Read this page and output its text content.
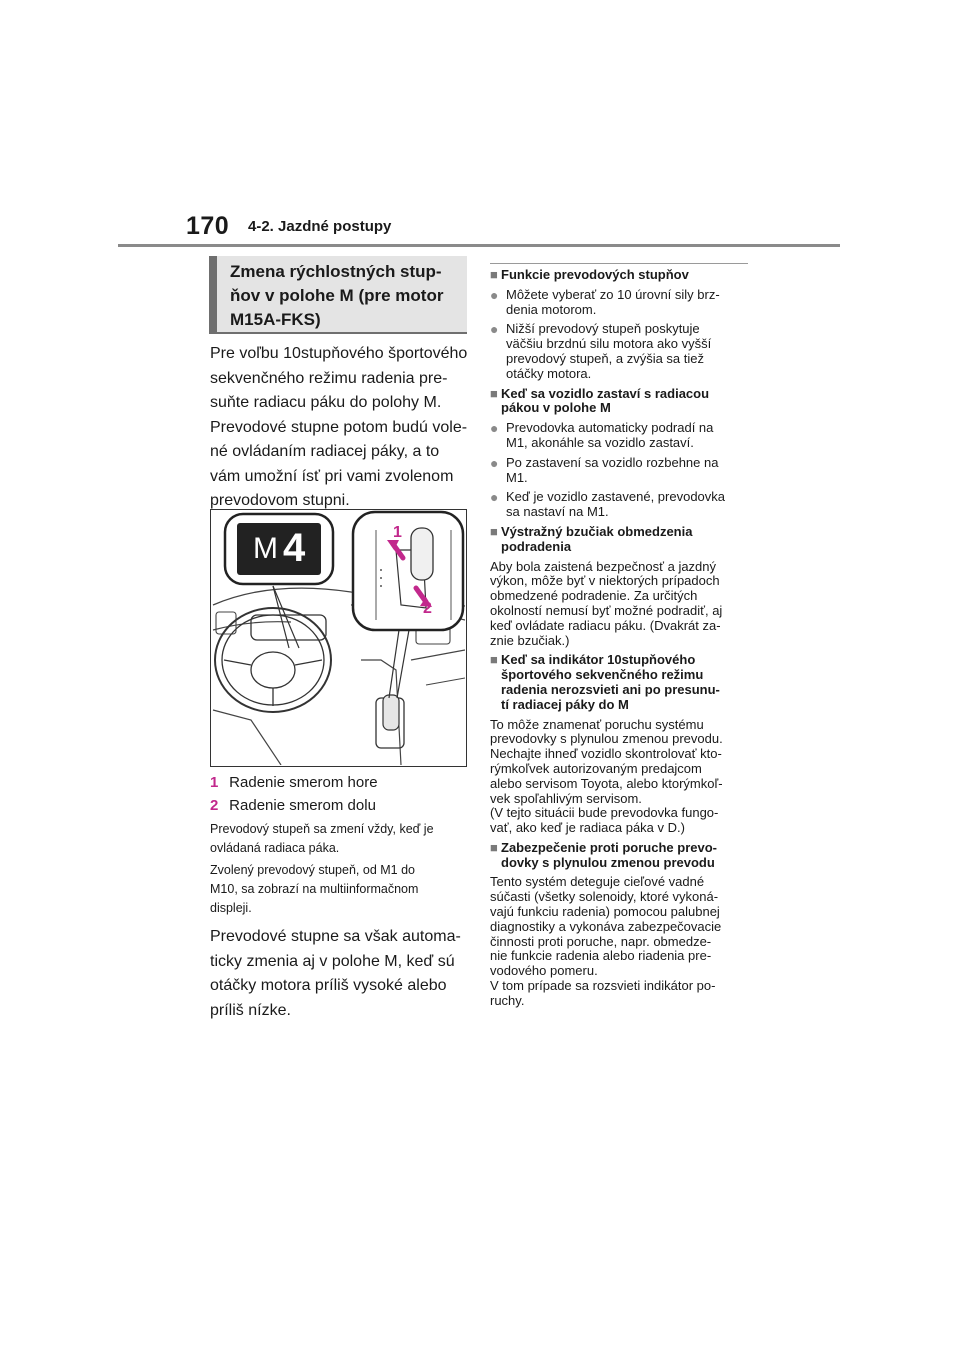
170 4-2. Jazdné postupy
Zmena rýchlostných stup-
ňov v polohe M (pre motor
M15A-FKS)
Pre voľbu 10stupňového športového
sekvenčného režimu radenia pre-
suňte radiacu páku do polohy M.
Prevodové stupne potom budú vole-
né ovládaním radiacej páky, a to
vám umožní ísť pri vami zvolenom
prevodovom stupni.
M 4	1
2
1 Radenie smerom hore
2 Radenie smerom dolu
Prevodový stupeň sa zmení vždy, keď je
ovládaná radiaca páka.
Zvolený prevodový stupeň, od M1 do
M10, sa zobrazí na multiinformačnom
displeji.
Prevodové stupne sa však automa-
ticky zmenia aj v polohe M, keď sú
otáčky motora príliš vysoké alebo
príliš nízke.
■ Funkcie prevodových stupňov
● Môžete vyberať zo 10 úrovní sily brz-
denia motorom.
● Nižší prevodový stupeň poskytuje
väčšiu brzdnú silu motora ako vyšší
prevodový stupeň, a zvýšia sa tiež
otáčky motora.
■ Keď sa vozidlo zastaví s radiacou
pákou v polohe M
● Prevodovka automaticky podradí na
M1, akonáhle sa vozidlo zastaví.
● Po zastavení sa vozidlo rozbehne na
M1.
● Keď je vozidlo zastavené, prevodovka
sa nastaví na M1.
■ Výstražný bzučiak obmedzenia
podradenia
Aby bola zaistená bezpečnosť a jazdný
výkon, môže byť v niektorých prípadoch
obmedzené podradenie. Za určitých
okolností nemusí byť možné podradiť, aj
keď ovládate radiacu páku. (Dvakrát za-
znie bzučiak.)
■ Keď sa indikátor 10stupňového
športového sekvenčného režimu
radenia nerozsvieti ani po presunu-
tí radiacej páky do M
To môže znamenať poruchu systému
prevodovky s plynulou zmenou prevodu.
Nechajte ihneď vozidlo skontrolovať kto-
rýmkoľvek autorizovaným predajcom
alebo servisom Toyota, alebo ktorýmkoľ-
vek spoľahlivým servisom.
(V tejto situácii bude prevodovka fungo-
vať, ako keď je radiaca páka v D.)
■ Zabezpečenie proti poruche prevo-
dovky s plynulou zmenou prevodu
Tento systém deteguje cieľové vadné
súčasti (všetky solenoidy, ktoré vykoná-
vajú funkciu radenia) pomocou palubnej
diagnostiky a vykonáva zabezpečovacie
činnosti proti poruche, napr. obmedze-
nie funkcie radenia alebo riadenia pre-
vodového pomeru.
V tom prípade sa rozsvieti indikátor po-
ruchy.
